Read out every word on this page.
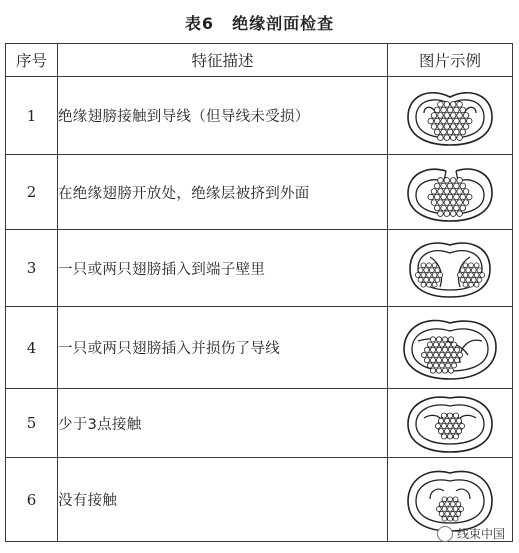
表6 绝缘剖面检查
序号	特征描述	图片示例
1	绝缘翅膀接触到导线（但导线未受损）	

2	在绝缘翅膀开放处，绝缘层被挤到外面	

3	一只或两只翅膀插入到端子壁里	

4	一只或两只翅膀插入并损伤了导线	

5	少于3点接触	

6	没有接触	
线束中国
